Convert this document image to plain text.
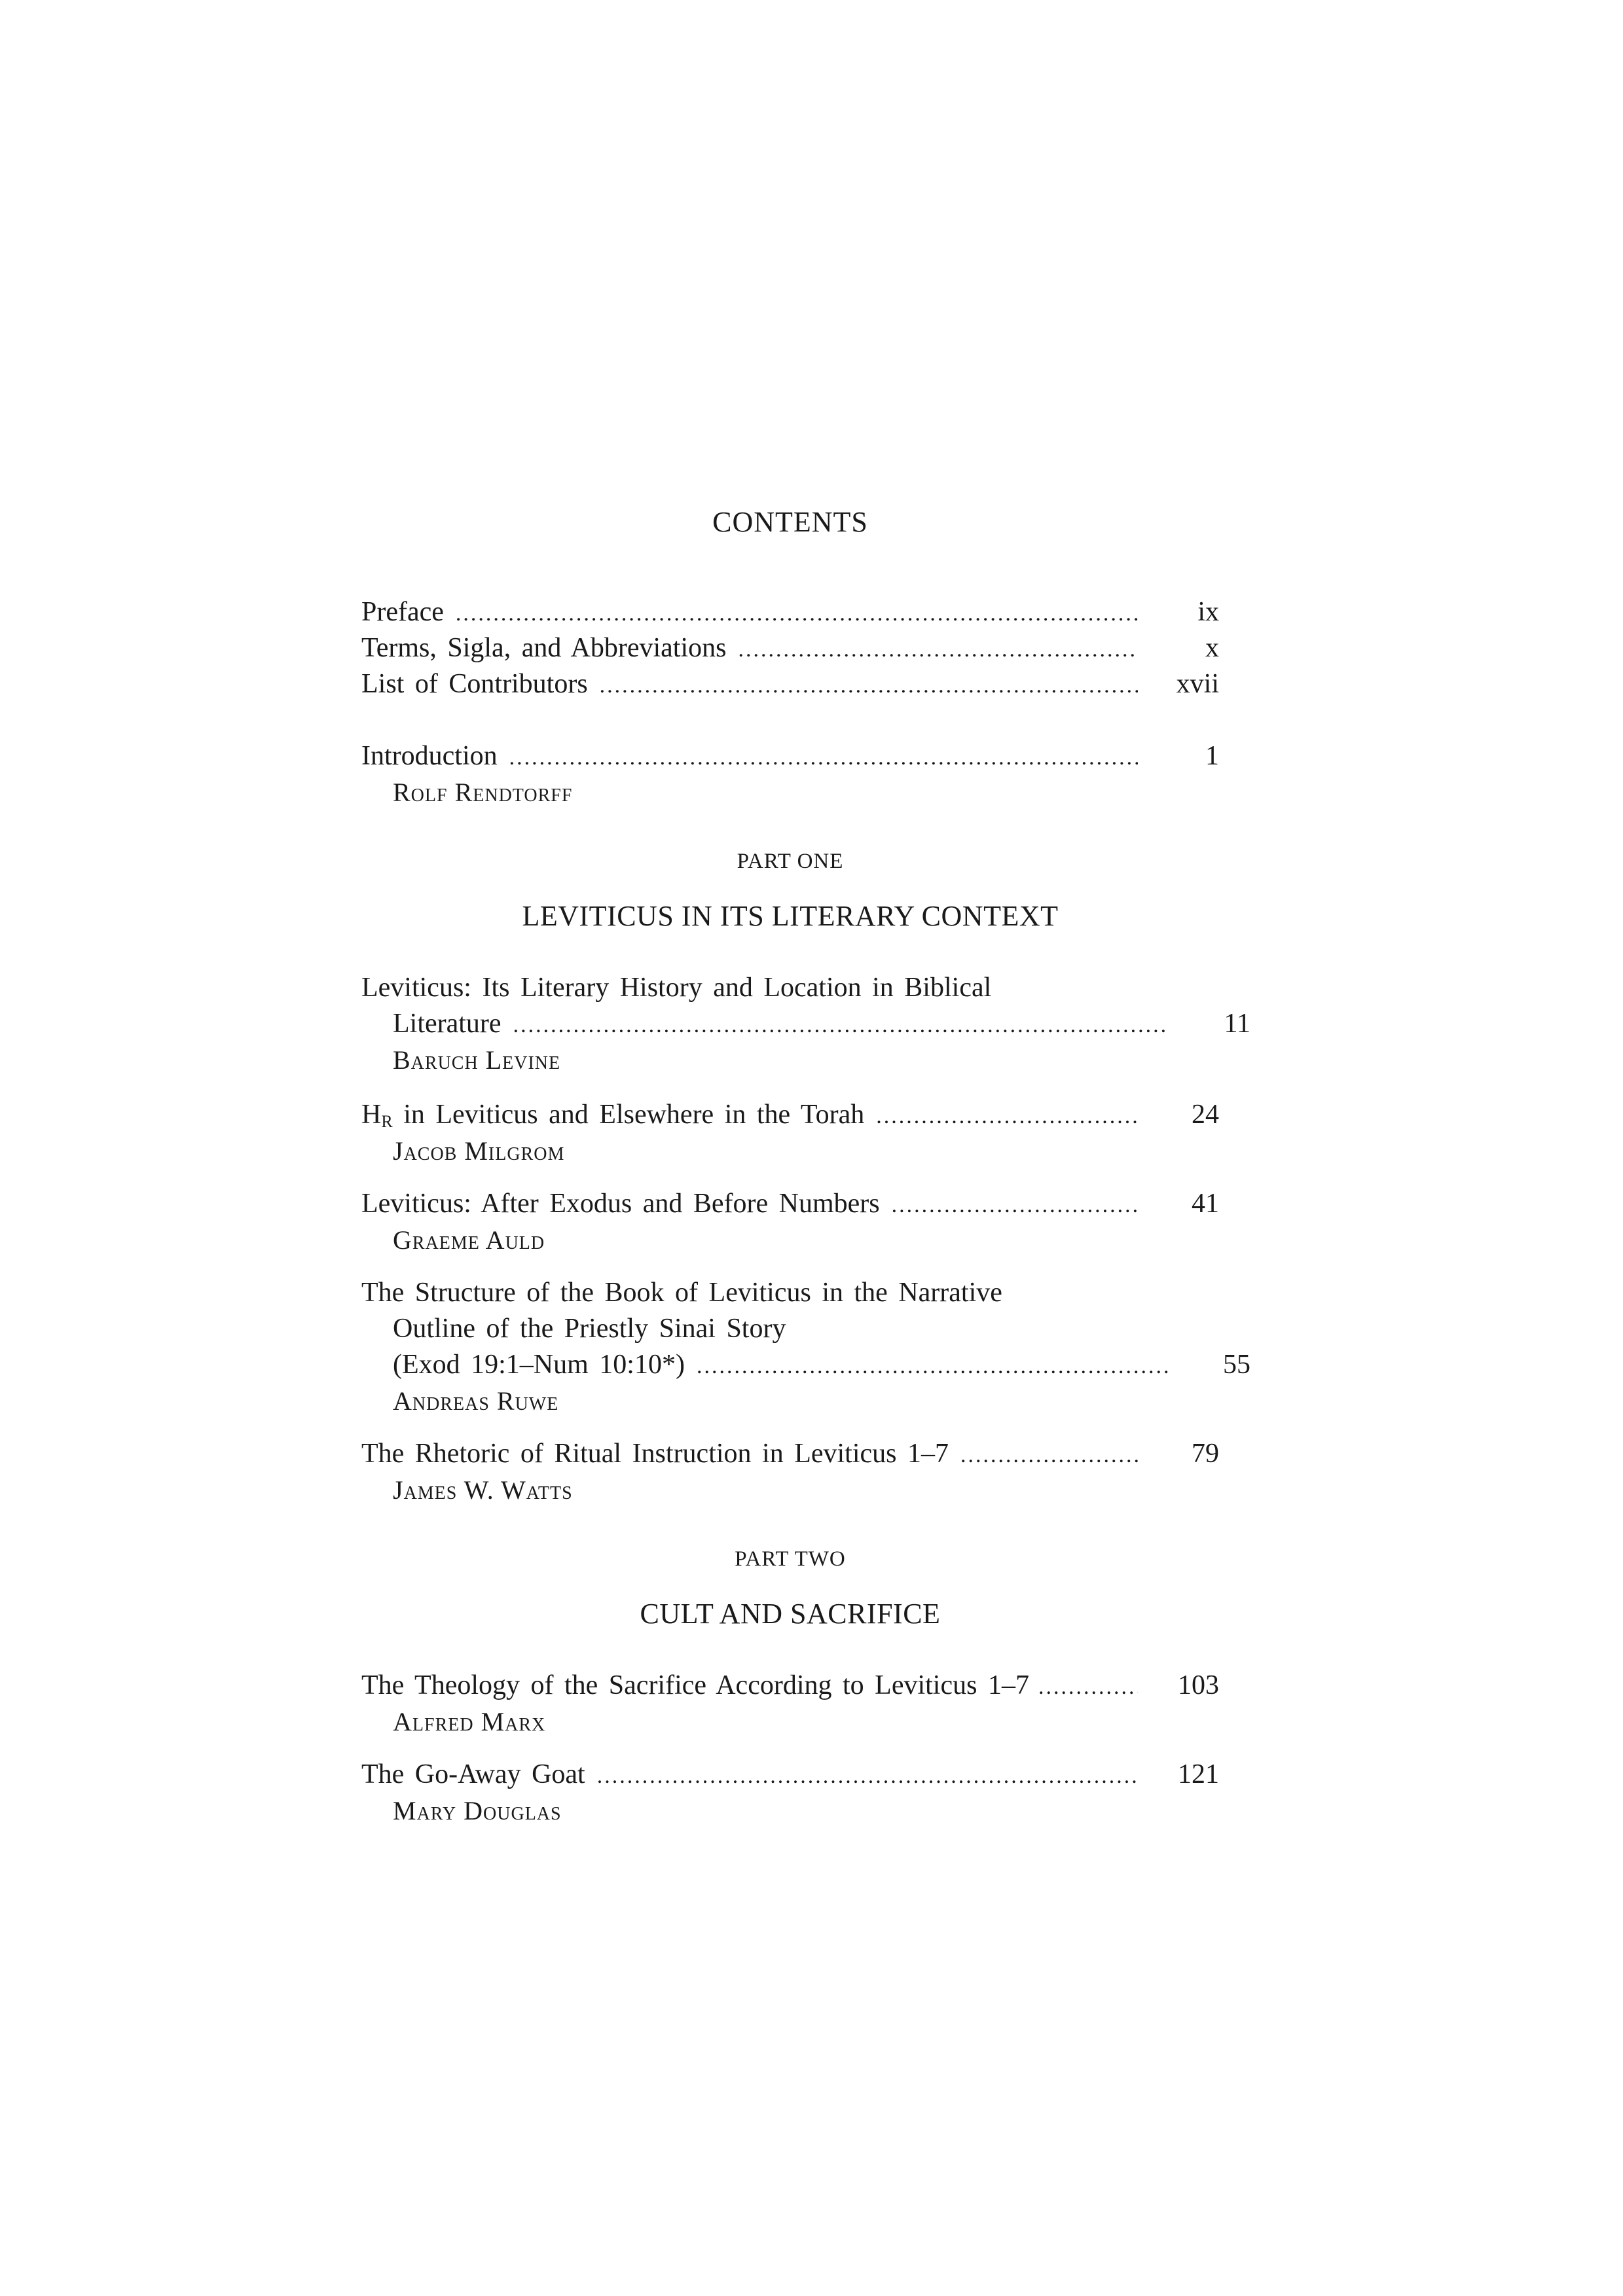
CONTENTS
Preface .....	ix
Terms, Sigla, and Abbreviations .....	x
List of Contributors .....	xvii
Introduction .....	1
Rolf Rendtorff
PART ONE
LEVITICUS IN ITS LITERARY CONTEXT
Leviticus: Its Literary History and Location in Biblical
Literature .....	11
Baruch Levine
$H_R$ in Leviticus and Elsewhere in the Torah .....	24
Jacob Milgrom
Leviticus: After Exodus and Before Numbers .....	41
Graeme Auld
The Structure of the Book of Leviticus in the Narrative
Outline of the Priestly Sinai Story
(Exod 19:1–Num 10:10*) .....	55
Andreas Ruwe
The Rhetoric of Ritual Instruction in Leviticus 1–7 .....	79
James W. Watts
PART TWO
CULT AND SACRIFICE
The Theology of the Sacrifice According to Leviticus 1–7 .....	103
Alfred Marx
The Go-Away Goat .....	121
Mary Douglas
